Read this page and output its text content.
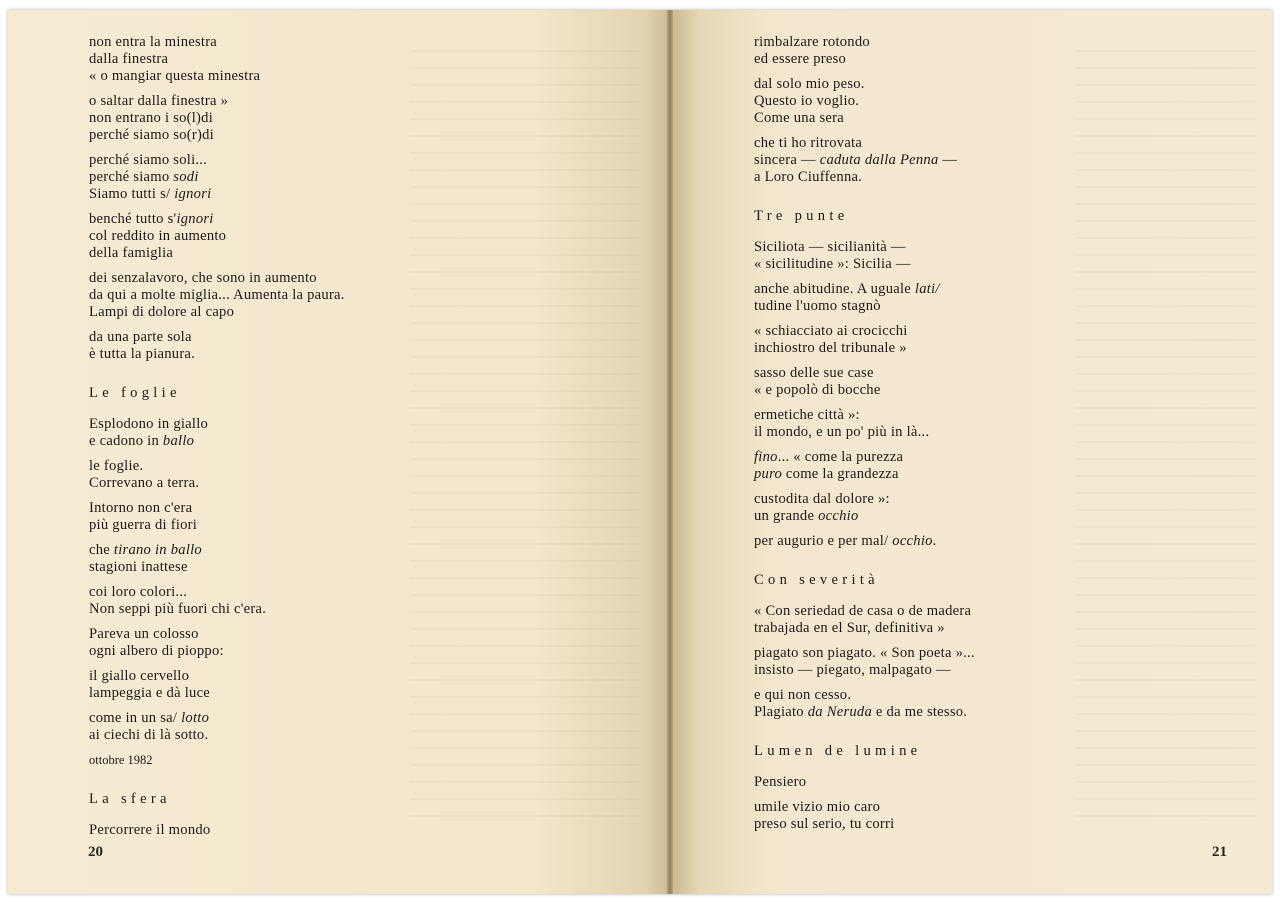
non entra la minestra
dalla finestra
« o mangiar questa minestra
o saltar dalla finestra »
non entrano i so(l)di
perché siamo so(r)di
perché siamo soli...
perché siamo sodi
Siamo tutti s/ ignori
benché tutto s'ignori
col reddito in aumento
della famiglia
dei senzalavoro, che sono in aumento
da qui a molte miglia... Aumenta la paura.
Lampi di dolore al capo
da una parte sola
è tutta la pianura.
Le foglie
Esplodono in giallo
e cadono in ballo
le foglie.
Correvano a terra.
Intorno non c'era
più guerra di fiori
che tirano in ballo
stagioni inattese
coi loro colori...
Non seppi più fuori chi c'era.
Pareva un colosso
ogni albero di pioppo:
il giallo cervello
lampeggia e dà luce
come in un sa/ lotto
ai ciechi di là sotto.
ottobre 1982
La sfera
Percorrere il mondo
20
rimbalzare rotondo
ed essere preso
dal solo mio peso.
Questo io voglio.
Come una sera
che ti ho ritrovata
sincera — caduta dalla Penna —
a Loro Ciuffenna.
Tre punte
Siciliota — sicilianità —
« sicilitudine »: Sicilia —
anche abitudine. A uguale lati/
tudine l'uomo stagnò
« schiacciato ai crocicchi
inchiostro del tribunale »
sasso delle sue case
« e popolò di bocche
ermetiche città »:
il mondo, e un po' più in là...
fino... « come la purezza
puro come la grandezza
custodita dal dolore »:
un grande occhio
per augurio e per mal/ occhio.
Con severità
« Con seriedad de casa o de madera
trabajada en el Sur, definitiva »
piagato son piagato. « Son poeta »...
insisto — piegato, malpagato —
e qui non cesso.
Plagiato da Neruda e da me stesso.
Lumen de lumine
Pensiero
umile vizio mio caro
preso sul serio, tu corri
21
